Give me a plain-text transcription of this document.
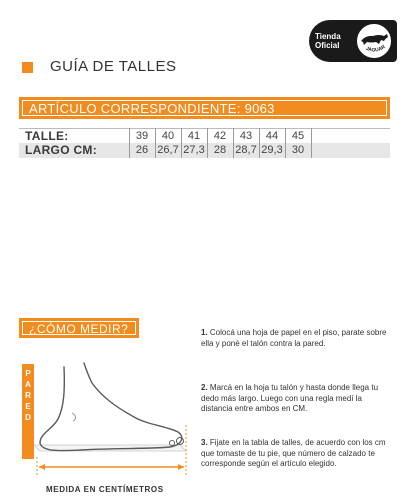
GUÍA DE TALLES
Tienda
Oficial	JAGUAR
ARTÍCULO CORRESPONDIENTE: 9063
TALLE:	39	40	41	42	43	44	45
LARGO CM:	26 26,7 27,3 28 28,7 29,3 30
¿CÓMO MEDIR?
P
A
R
E
D
MEDIDA EN CENTÍMETROS
1. Colocá una hoja de papel en el piso, parate sobre ella y poné el talón contra la pared.
2. Marcá en la hoja tu talón y hasta donde llega tu dedo más largo. Luego con una regla medí la distancia entre ambos en CM.
3. Fijate en la tabla de talles, de acuerdo con los cm que tomaste de tu pie, que número de calzado te corresponde según el artículo elegido.
